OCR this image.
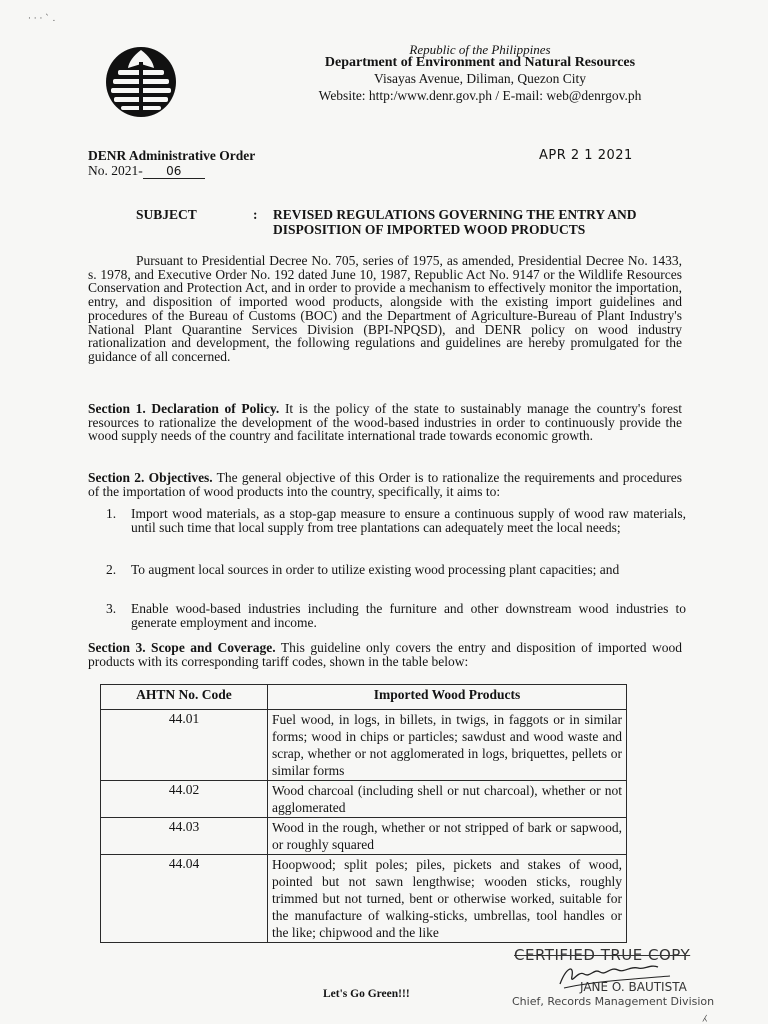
· · · ` .
Republic of the Philippines
Department of Environment and Natural Resources
Visayas Avenue, Diliman, Quezon City
Website: http:/www.denr.gov.ph / E-mail: web@denrgov.ph
DENR Administrative Order
No. 2021- 06
APR 2 1 2021
SUBJECT	: REVISED REGULATIONS GOVERNING THE ENTRY AND DISPOSITION OF IMPORTED WOOD PRODUCTS
Pursuant to Presidential Decree No. 705, series of 1975, as amended, Presidential Decree No. 1433, s. 1978, and Executive Order No. 192 dated June 10, 1987, Republic Act No. 9147 or the Wildlife Resources Conservation and Protection Act, and in order to provide a mechanism to effectively monitor the importation, entry, and disposition of imported wood products, alongside with the existing import guidelines and procedures of the Bureau of Customs (BOC) and the Department of Agriculture-Bureau of Plant Industry's National Plant Quarantine Services Division (BPI-NPQSD), and DENR policy on wood industry rationalization and development, the following regulations and guidelines are hereby promulgated for the guidance of all concerned.
Section 1. Declaration of Policy. It is the policy of the state to sustainably manage the country's forest resources to rationalize the development of the wood-based industries in order to continuously provide the wood supply needs of the country and facilitate international trade towards economic growth.
Section 2. Objectives. The general objective of this Order is to rationalize the requirements and procedures of the importation of wood products into the country, specifically, it aims to:
1. Import wood materials, as a stop-gap measure to ensure a continuous supply of wood raw materials, until such time that local supply from tree plantations can adequately meet the local needs;
2. To augment local sources in order to utilize existing wood processing plant capacities; and
3. Enable wood-based industries including the furniture and other downstream wood industries to generate employment and income.
Section 3. Scope and Coverage. This guideline only covers the entry and disposition of imported wood products with its corresponding tariff codes, shown in the table below:
AHTN No. Code	Imported Wood Products
44.01	Fuel wood, in logs, in billets, in twigs, in faggots or in similar forms; wood in chips or particles; sawdust and wood waste and scrap, whether or not agglomerated in logs, briquettes, pellets or similar forms
44.02	Wood charcoal (including shell or nut charcoal), whether or not agglomerated
44.03	Wood in the rough, whether or not stripped of bark or sapwood, or roughly squared
44.04	Hoopwood; split poles; piles, pickets and stakes of wood, pointed but not sawn lengthwise; wooden sticks, roughly trimmed but not turned, bent or otherwise worked, suitable for the manufacture of walking-sticks, umbrellas, tool handles or the like; chipwood and the like
CERTIFIED TRUE COPY
JANE O. BAUTISTA
Chief, Records Management Division
Let's Go Green!!!
⁁
